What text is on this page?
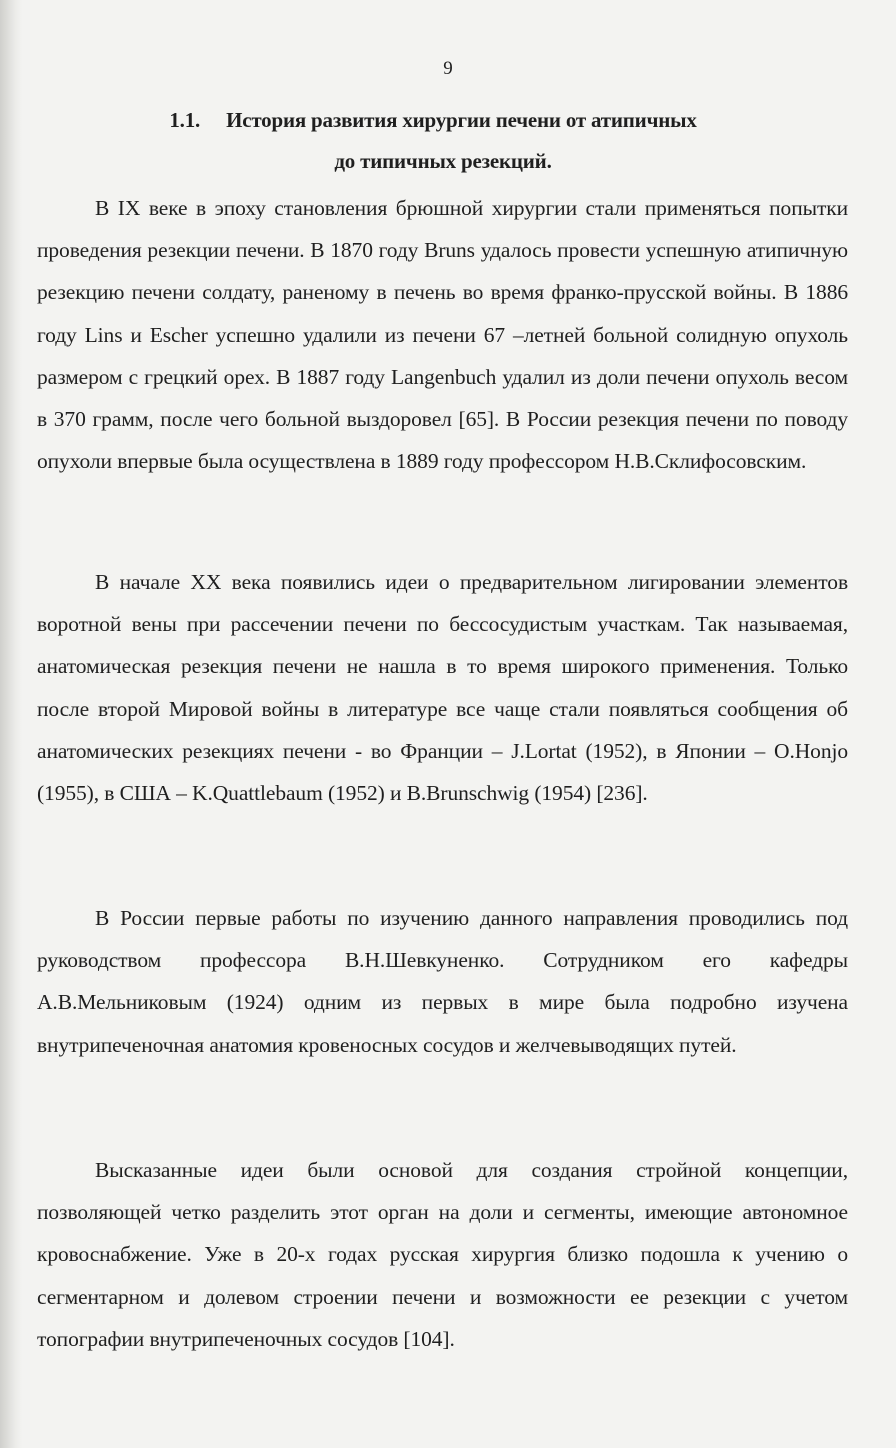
9
1.1. История развития хирургии печени от атипичных
до типичных резекций.

В IX веке в эпоху становления брюшной хирургии стали применяться попытки проведения резекции печени. В 1870 году Bruns удалось провести успешную атипичную резекцию печени солдату, раненому в печень во время франко-прусской войны. В 1886 году Lins и Escher успешно удалили из печени 67 –летней больной солидную опухоль размером с грецкий орех. В 1887 году Langenbuch удалил из доли печени опухоль весом в 370 грамм, после чего больной выздоровел [65]. В России резекция печени по поводу опухоли впервые была осуществлена в 1889 году профессором Н.В.Склифосовским.

В начале XX века появились идеи о предварительном лигировании элементов воротной вены при рассечении печени по бессосудистым участкам. Так называемая, анатомическая резекция печени не нашла в то время широкого применения. Только после второй Мировой войны в литературе все чаще стали появляться сообщения об анатомических резекциях печени - во Франции – J.Lortat (1952), в Японии – O.Honjo (1955), в США – K.Quattlebaum (1952) и B.Brunschwig (1954) [236].

В России первые работы по изучению данного направления проводились под руководством профессора В.Н.Шевкуненко. Сотрудником его кафедры А.В.Мельниковым (1924) одним из первых в мире была подробно изучена внутрипеченочная анатомия кровеносных сосудов и желчевыводящих путей.

Высказанные идеи были основой для создания стройной концепции, позволяющей четко разделить этот орган на доли и сегменты, имеющие автономное кровоснабжение. Уже в 20-х годах русская хирургия близко подошла к учению о сегментарном и долевом строении печени и возможности ее резекции с учетом топографии внутрипеченочных сосудов [104].
